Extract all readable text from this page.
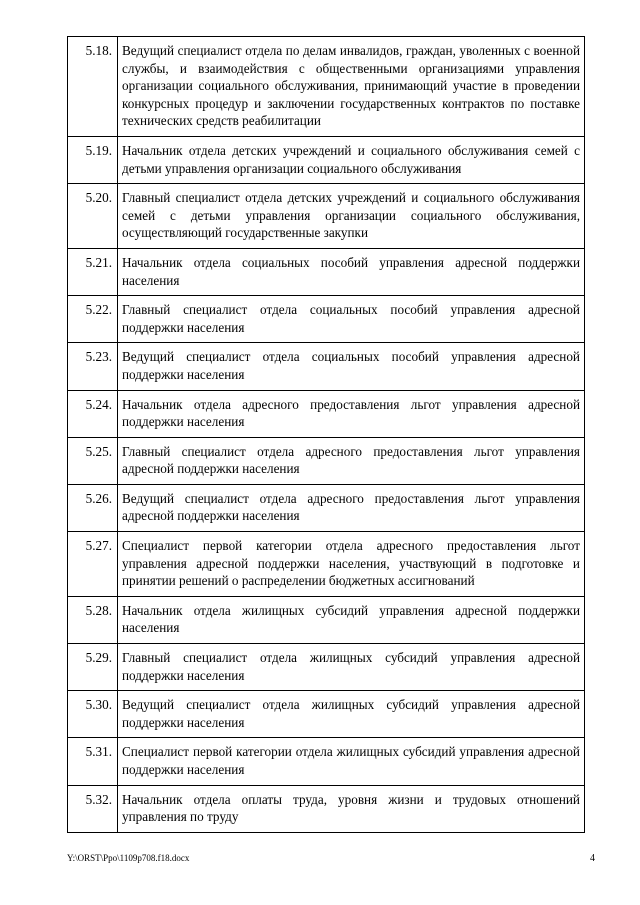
5.18.	Ведущий специалист отдела по делам инвалидов, граждан, уволенных с военной службы, и взаимодействия с общественными организациями управления организации социального обслуживания, принимающий участие в проведении конкурсных процедур и заключении государственных контрактов по поставке технических средств реабилитации
5.19.	Начальник отдела детских учреждений и социального обслуживания семей с детьми управления организации социального обслуживания
5.20.	Главный специалист отдела детских учреждений и социального обслуживания семей с детьми управления организации социального обслуживания, осуществляющий государственные закупки
5.21.	Начальник отдела социальных пособий управления адресной поддержки населения
5.22.	Главный специалист отдела социальных пособий управления адресной поддержки населения
5.23.	Ведущий специалист отдела социальных пособий управления адресной поддержки населения
5.24.	Начальник отдела адресного предоставления льгот управления адресной поддержки населения
5.25.	Главный специалист отдела адресного предоставления льгот управления адресной поддержки населения
5.26.	Ведущий специалист отдела адресного предоставления льгот управления адресной поддержки населения
5.27.	Специалист первой категории отдела адресного предоставления льгот управления адресной поддержки населения, участвующий в подготовке и принятии решений о распределении бюджетных ассигнований
5.28.	Начальник отдела жилищных субсидий управления адресной поддержки населения
5.29.	Главный специалист отдела жилищных субсидий управления адресной поддержки населения
5.30.	Ведущий специалист отдела жилищных субсидий управления адресной поддержки населения
5.31.	Специалист первой категории отдела жилищных субсидий управления адресной поддержки населения
5.32.	Начальник отдела оплаты труда, уровня жизни и трудовых отношений управления по труду
Y:\ORST\Ppo\1109p708.f18.docx	4
